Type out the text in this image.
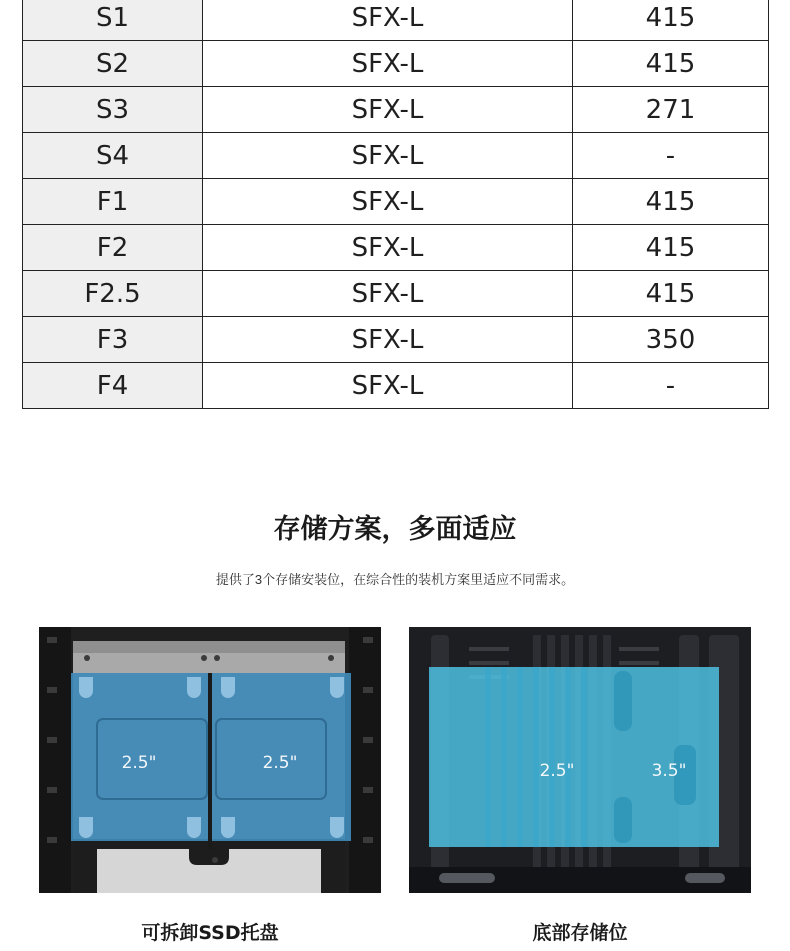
S1	SFX-L	415
S2	SFX-L	415
S3	SFX-L	271
S4	SFX-L	-
F1	SFX-L	415
F2	SFX-L	415
F2.5	SFX-L	415
F3	SFX-L	350
F4	SFX-L	-
存储方案，多面适应

提供了3个存储安装位，在综合性的装机方案里适应不同需求。

2.5"	2.5"	2.5"	3.5"

可拆卸SSD托盘	底部存储位
